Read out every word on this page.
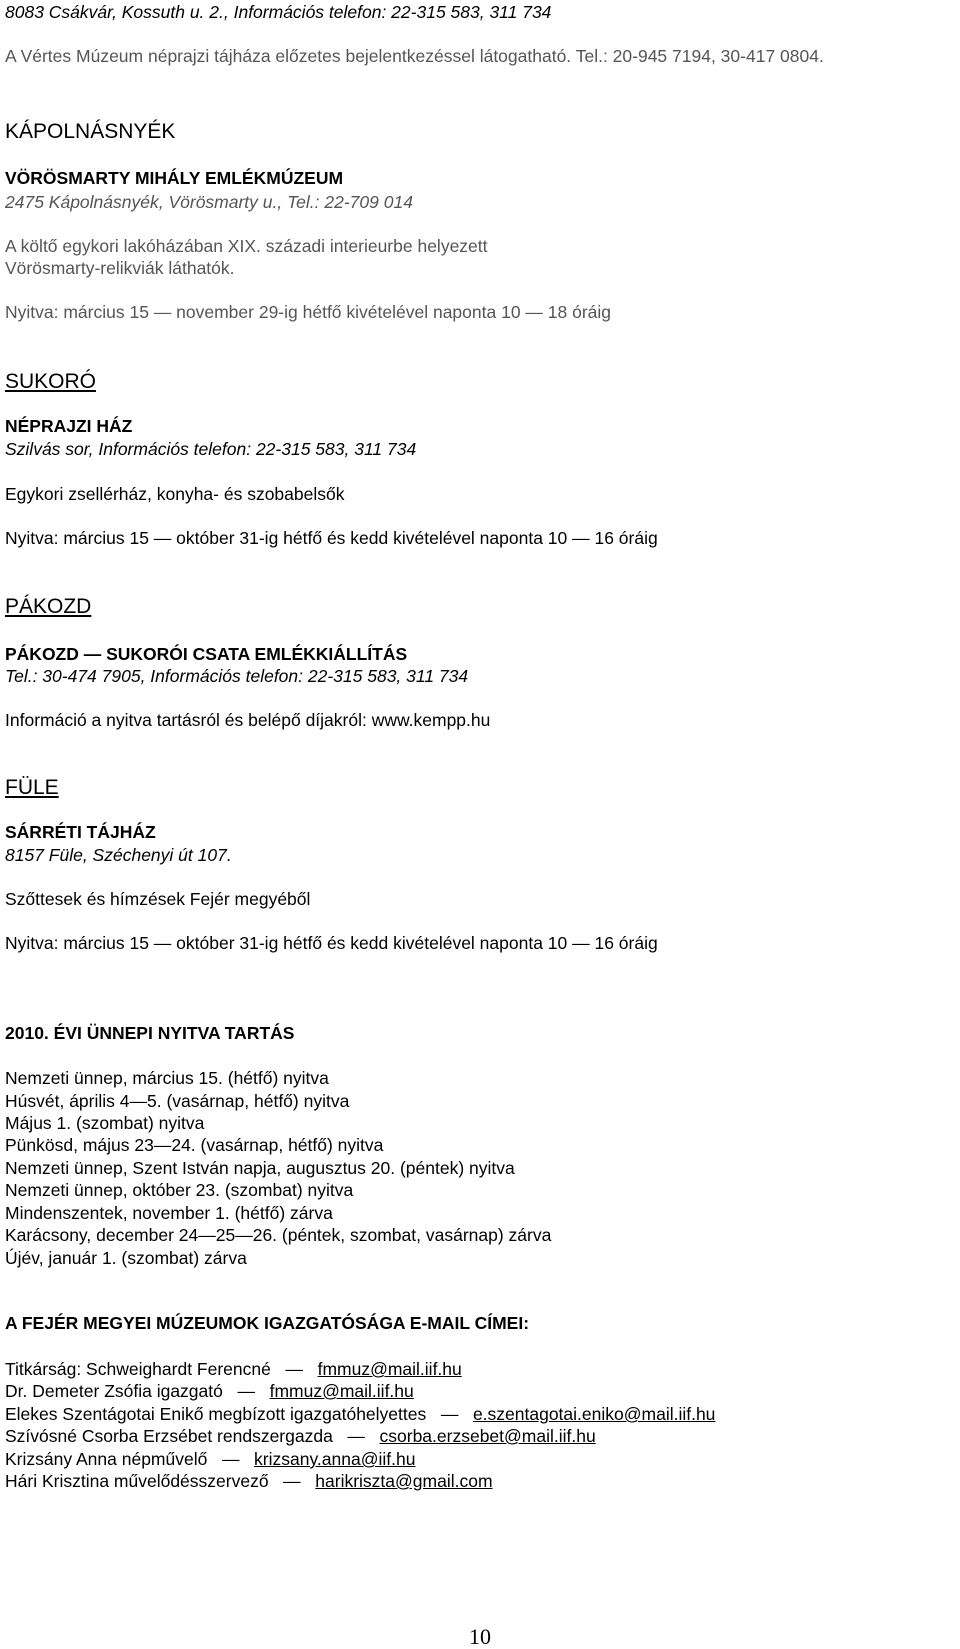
8083 Csákvár, Kossuth u. 2., Információs telefon: 22-315 583, 311 734
A Vértes Múzeum néprajzi tájháza előzetes bejelentkezéssel látogatható. Tel.: 20-945 7194, 30-417 0804.
KÁPOLNÁSNYÉK
VÖRÖSMARTY MIHÁLY EMLÉKMÚZEUM
2475 Kápolnásnyék, Vörösmarty u., Tel.: 22-709 014
A költő egykori lakóházában XIX. századi interieurbe helyezett
Vörösmarty-relikviák láthatók.
Nyitva: március 15 — november 29-ig hétfő kivételével naponta 10 — 18 óráig
SUKORÓ
NÉPRAJZI HÁZ
Szilvás sor, Információs telefon: 22-315 583, 311 734
Egykori zsellérház, konyha- és szobabelsők
Nyitva: március 15 — október 31-ig hétfő és kedd kivételével naponta 10 — 16 óráig
PÁKOZD
PÁKOZD — SUKORÓI CSATA EMLÉKKIÁLLÍTÁS
Tel.: 30-474 7905, Információs telefon: 22-315 583, 311 734
Információ a nyitva tartásról és belépő díjakról: www.kempp.hu
FÜLE
SÁRRÉTI TÁJHÁZ
8157 Füle, Széchenyi út 107.
Szőttesek és hímzések Fejér megyéből
Nyitva: március 15 — október 31-ig hétfő és kedd kivételével naponta 10 — 16 óráig
2010. ÉVI ÜNNEPI NYITVA TARTÁS
Nemzeti ünnep, március 15. (hétfő) nyitva
Húsvét, április 4—5. (vasárnap, hétfő) nyitva
Május 1. (szombat) nyitva
Pünkösd, május 23—24. (vasárnap, hétfő) nyitva
Nemzeti ünnep, Szent István napja, augusztus 20. (péntek) nyitva
Nemzeti ünnep, október 23. (szombat) nyitva
Mindenszentek, november 1. (hétfő) zárva
Karácsony, december 24—25—26. (péntek, szombat, vasárnap) zárva
Újév, január 1. (szombat) zárva
A FEJÉR MEGYEI MÚZEUMOK IGAZGATÓSÁGA E-MAIL CÍMEI:
Titkárság: Schweighardt Ferencné   —   fmmuz@mail.iif.hu
Dr. Demeter Zsófia igazgató   —   fmmuz@mail.iif.hu
Elekes Szentágotai Enikő megbízott igazgatóhelyettes   —   e.szentagotai.eniko@mail.iif.hu
Szívósné Csorba Erzsébet rendszergazda   —   csorba.erzsebet@mail.iif.hu
Krizsány Anna népművelő   —   krizsany.anna@iif.hu
Hári Krisztina művelődésszervező   —   harikriszta@gmail.com
10
